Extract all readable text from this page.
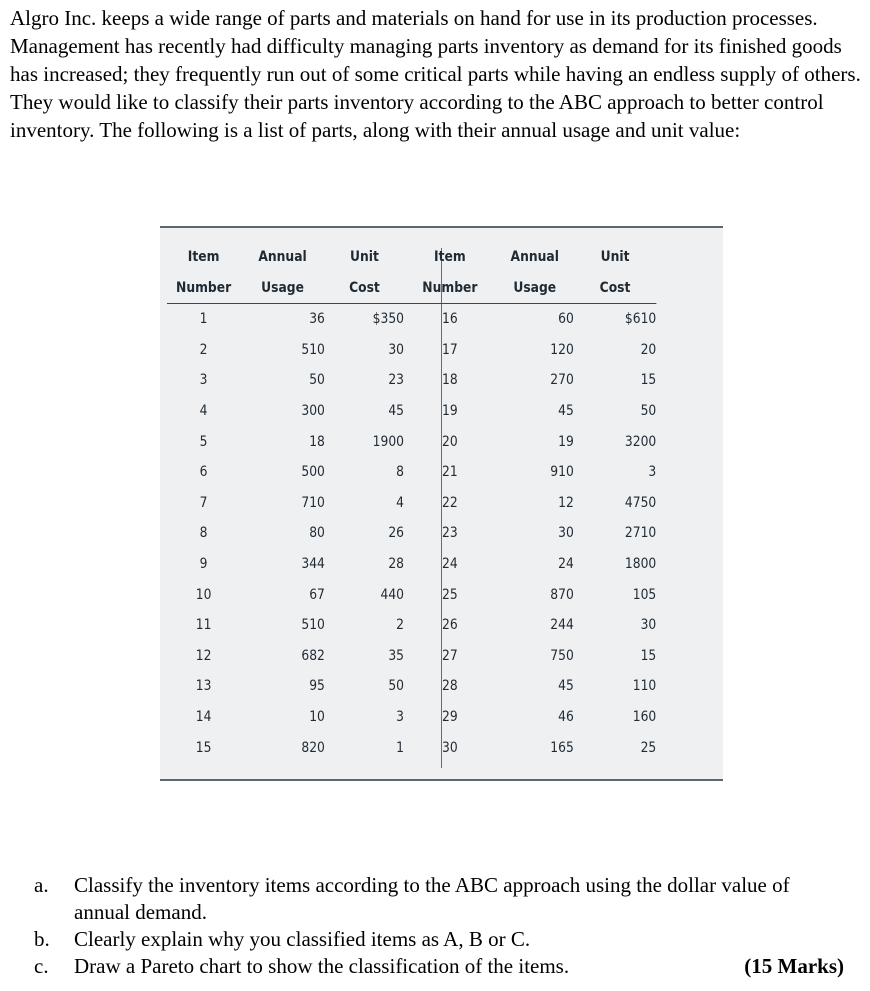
Algro Inc. keeps a wide range of parts and materials on hand for use in its production processes. Management has recently had difficulty managing parts inventory as demand for its finished goods has increased; they frequently run out of some critical parts while having an endless supply of others. They would like to classify their parts inventory according to the ABC approach to better control inventory. The following is a list of parts, along with their annual usage and unit value:

Item	Annual	Unit	Item	Annual	Unit
Number	Usage	Cost	Number	Usage	Cost
1	36	$350	16	60	$610
2	510	30	17	120	20
3	50	23	18	270	15
4	300	45	19	45	50
5	18	1900	20	19	3200
6	500	8	21	910	3
7	710	4	22	12	4750
8	80	26	23	30	2710
9	344	28	24	24	1800
10	67	440	25	870	105
11	510	2	26	244	30
12	682	35	27	750	15
13	95	50	28	45	110
14	10	3	29	46	160
15	820	1	30	165	25
a.	Classify the inventory items according to the ABC approach using the dollar value of annual demand.
b.	Clearly explain why you classified items as A, B or C.
c.	Draw a Pareto chart to show the classification of the items.	(15 Marks)
